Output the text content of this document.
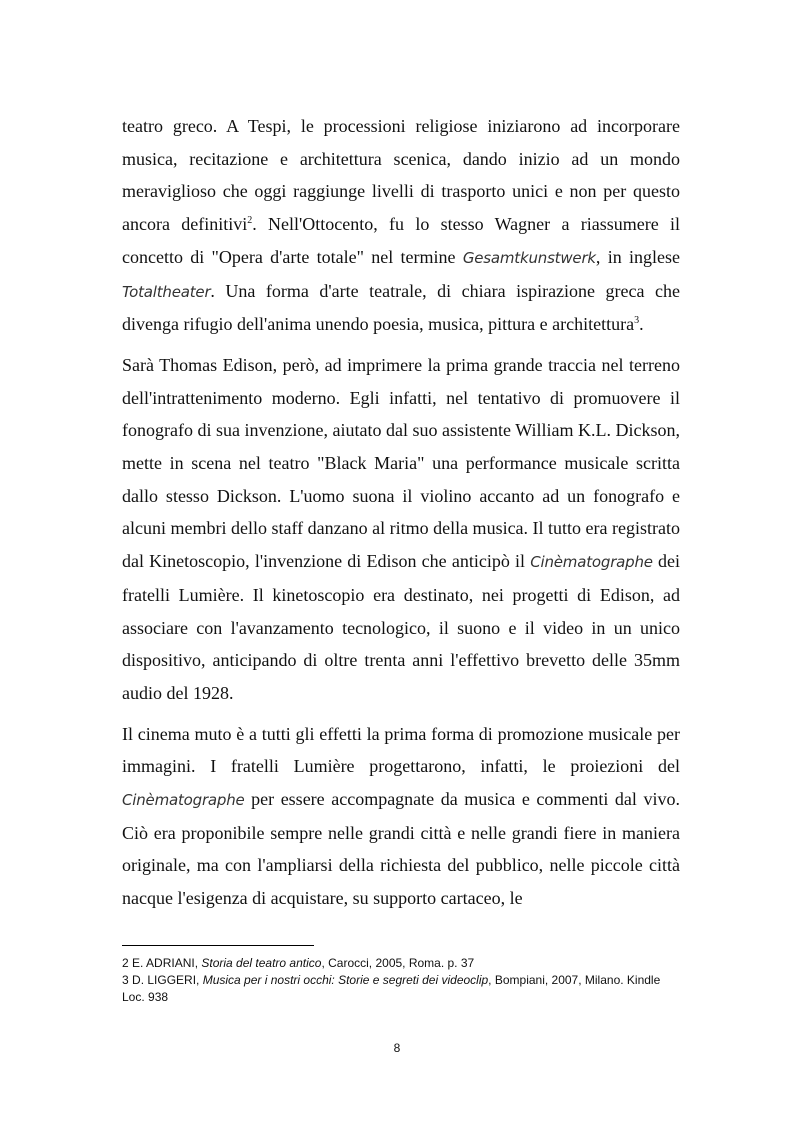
teatro greco. A Tespi, le processioni religiose iniziarono ad incorporare musica, recitazione e architettura scenica, dando inizio ad un mondo meraviglioso che oggi raggiunge livelli di trasporto unici e non per questo ancora definitivi$^2$. Nell'Ottocento, fu lo stesso Wagner a riassumere il concetto di "Opera d'arte totale" nel termine Gesamtkunstwerk, in inglese Totaltheater. Una forma d'arte teatrale, di chiara ispirazione greca che divenga rifugio dell'anima unendo poesia, musica, pittura e architettura$^3$.

Sarà Thomas Edison, però, ad imprimere la prima grande traccia nel terreno dell'intrattenimento moderno. Egli infatti, nel tentativo di promuovere il fonografo di sua invenzione, aiutato dal suo assistente William K.L. Dickson, mette in scena nel teatro "Black Maria" una performance musicale scritta dallo stesso Dickson. L'uomo suona il violino accanto ad un fonografo e alcuni membri dello staff danzano al ritmo della musica. Il tutto era registrato dal Kinetoscopio, l'invenzione di Edison che anticipò il Cinèmatographe dei fratelli Lumière. Il kinetoscopio era destinato, nei progetti di Edison, ad associare con l'avanzamento tecnologico, il suono e il video in un unico dispositivo, anticipando di oltre trenta anni l'effettivo brevetto delle 35mm audio del 1928.

Il cinema muto è a tutti gli effetti la prima forma di promozione musicale per immagini. I fratelli Lumière progettarono, infatti, le proiezioni del Cinèmatographe per essere accompagnate da musica e commenti dal vivo. Ciò era proponibile sempre nelle grandi città e nelle grandi fiere in maniera originale, ma con l'ampliarsi della richiesta del pubblico, nelle piccole città nacque l'esigenza di acquistare, su supporto cartaceo, le

2 E. ADRIANI, Storia del teatro antico, Carocci, 2005, Roma. p. 37
3 D. LIGGERI, Musica per i nostri occhi: Storie e segreti dei videoclip, Bompiani, 2007, Milano. Kindle Loc. 938
8
